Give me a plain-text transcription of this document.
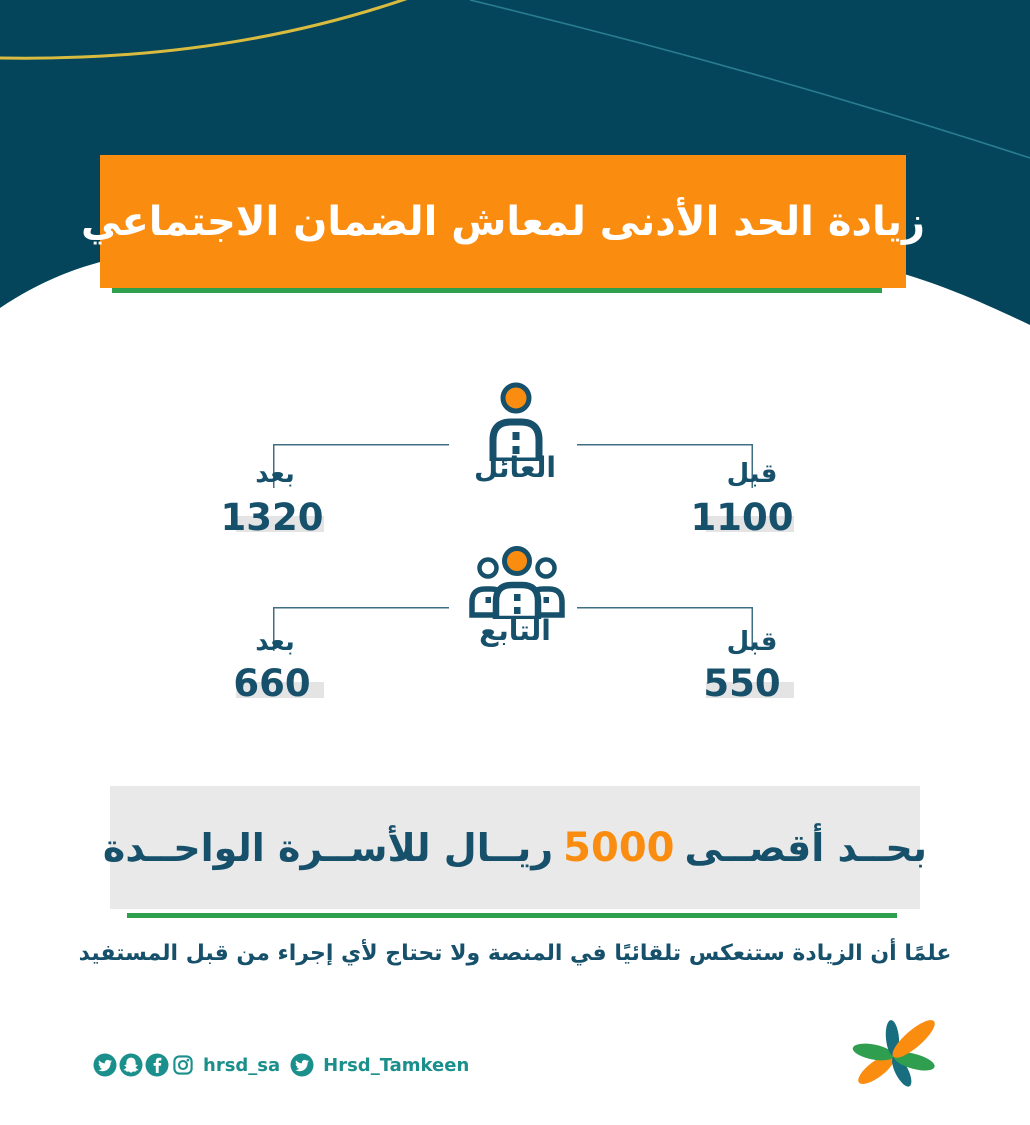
زيادة الحد الأدنى لمعاش الضمان الاجتماعي
العائل
بعد	قبل
1320	1100
التابع
بعد	قبل
660	550
بحــد أقصــى
5000
ريــال للأســرة الواحــدة
علمًا أن الزيادة ستنعكس تلقائيًا في المنصة ولا تحتاج لأي إجراء من قبل المستفيد
hrsd_sa Hrsd_Tamkeen
